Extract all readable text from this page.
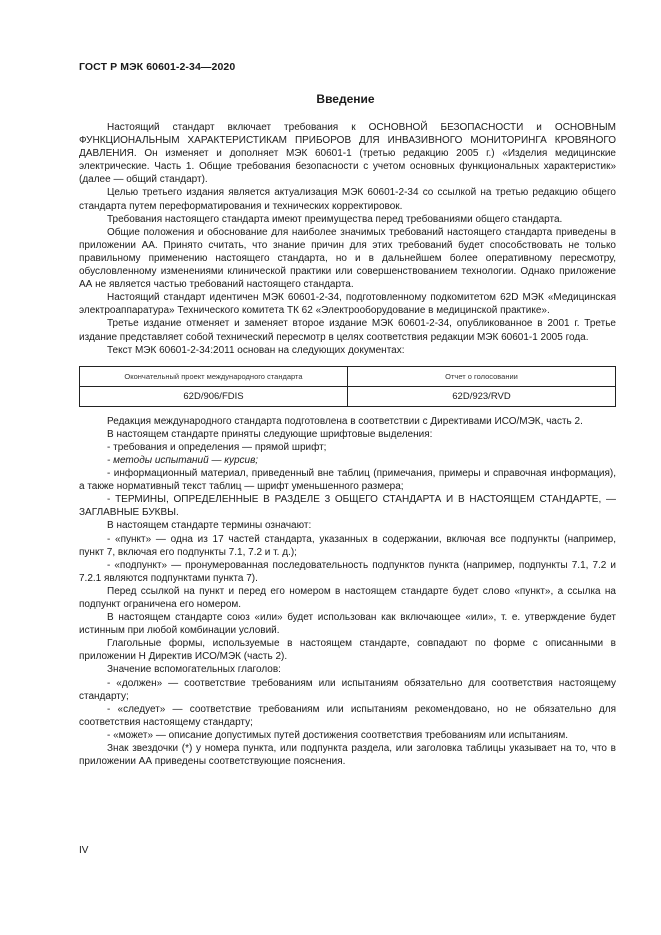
ГОСТ Р МЭК 60601-2-34—2020
Введение

Настоящий стандарт включает требования к ОСНОВНОЙ БЕЗОПАСНОСТИ и ОСНОВНЫМ ФУНКЦИОНАЛЬНЫМ ХАРАКТЕРИСТИКАМ ПРИБОРОВ ДЛЯ ИНВАЗИВНОГО МОНИТОРИНГА КРОВЯНОГО ДАВЛЕНИЯ. Он изменяет и дополняет МЭК 60601-1 (третью редакцию 2005 г.) «Изделия медицинские электрические. Часть 1. Общие требования безопасности с учетом основных функциональных характеристик» (далее — общий стандарт).

Целью третьего издания является актуализация МЭК 60601-2-34 со ссылкой на третью редакцию общего стандарта путем переформатирования и технических корректировок.

Требования настоящего стандарта имеют преимущества перед требованиями общего стандарта.

Общие положения и обоснование для наиболее значимых требований настоящего стандарта приведены в приложении АА. Принято считать, что знание причин для этих требований будет способствовать не только правильному применению настоящего стандарта, но и в дальнейшем более оперативному пересмотру, обусловленному изменениями клинической практики или совершенствованием технологии. Однако приложение АА не является частью требований настоящего стандарта.

Настоящий стандарт идентичен МЭК 60601-2-34, подготовленному подкомитетом 62D МЭК «Медицинская электроаппаратура» Технического комитета ТК 62 «Электрооборудование в медицинской практике».

Третье издание отменяет и заменяет второе издание МЭК 60601-2-34, опубликованное в 2001 г. Третье издание представляет собой технический пересмотр в целях соответствия редакции МЭК 60601-1 2005 года.

Текст МЭК 60601-2-34:2011 основан на следующих документах:

Окончательный проект международного стандарта	Отчет о голосовании
62D/906/FDIS	62D/923/RVD

Редакция международного стандарта подготовлена в соответствии с Директивами ИСО/МЭК, часть 2.

В настоящем стандарте приняты следующие шрифтовые выделения:

- требования и определения — прямой шрифт;

- методы испытаний — курсив;

- информационный материал, приведенный вне таблиц (примечания, примеры и справочная информация), а также нормативный текст таблиц — шрифт уменьшенного размера;

- ТЕРМИНЫ, ОПРЕДЕЛЕННЫЕ В РАЗДЕЛЕ 3 ОБЩЕГО СТАНДАРТА И В НАСТОЯЩЕМ СТАНДАРТЕ, — ЗАГЛАВНЫЕ БУКВЫ.

В настоящем стандарте термины означают:

- «пункт» — одна из 17 частей стандарта, указанных в содержании, включая все подпункты (например, пункт 7, включая его подпункты 7.1, 7.2 и т. д.);

- «подпункт» — пронумерованная последовательность подпунктов пункта (например, подпункты 7.1, 7.2 и 7.2.1 являются подпунктами пункта 7).

Перед ссылкой на пункт и перед его номером в настоящем стандарте будет слово «пункт», а ссылка на подпункт ограничена его номером.

В настоящем стандарте союз «или» будет использован как включающее «или», т. е. утверждение будет истинным при любой комбинации условий.

Глагольные формы, используемые в настоящем стандарте, совпадают по форме с описанными в приложении Н Директив ИСО/МЭК (часть 2).

Значение вспомогательных глаголов:

- «должен» — соответствие требованиям или испытаниям обязательно для соответствия настоящему стандарту;

- «следует» — соответствие требованиям или испытаниям рекомендовано, но не обязательно для соответствия настоящему стандарту;

- «может» — описание допустимых путей достижения соответствия требованиям или испытаниям.

Знак звездочки (*) у номера пункта, или подпункта раздела, или заголовка таблицы указывает на то, что в приложении АА приведены соответствующие пояснения.

IV
